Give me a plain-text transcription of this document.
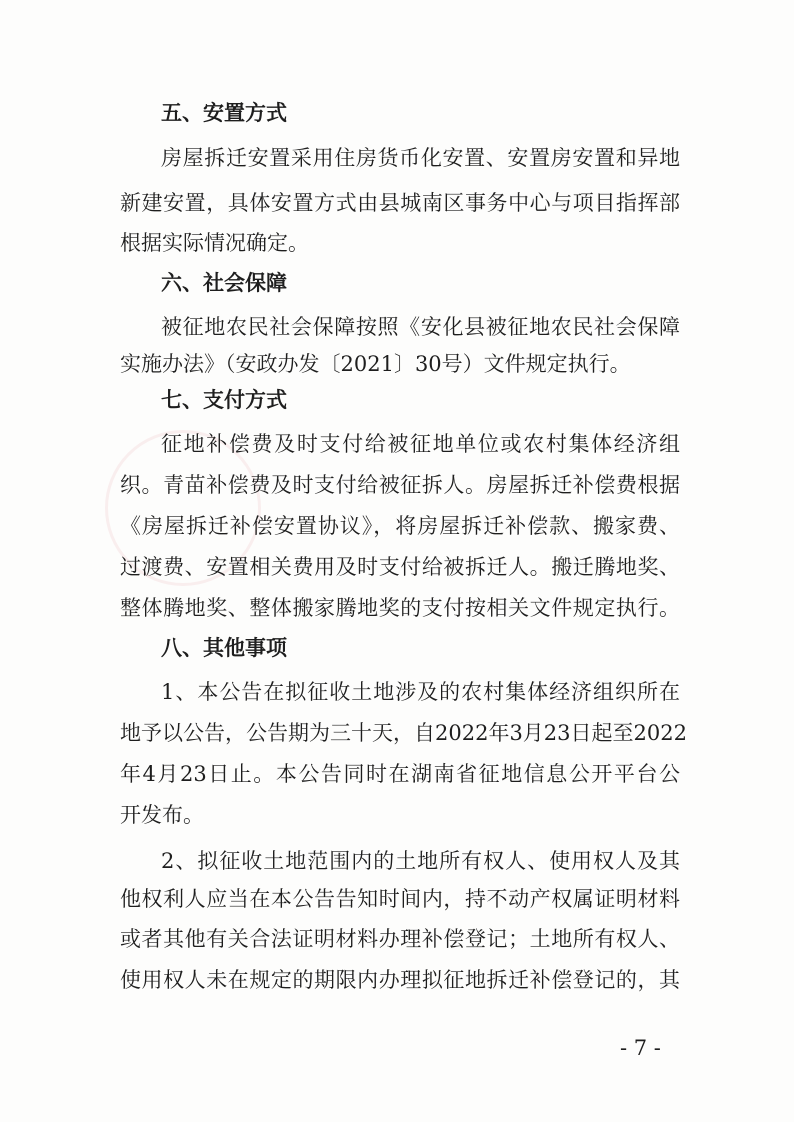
五、安置方式
房屋拆迁安置采用住房货币化安置、安置房安置和异地
新建安置，具体安置方式由县城南区事务中心与项目指挥部
根据实际情况确定。
六、社会保障
被征地农民社会保障按照《安化县被征地农民社会保障
实施办法》（安政办发〔2021〕30号）文件规定执行。
七、支付方式
征地补偿费及时支付给被征地单位或农村集体经济组
织。青苗补偿费及时支付给被征拆人。房屋拆迁补偿费根据
《房屋拆迁补偿安置协议》，将房屋拆迁补偿款、搬家费、
过渡费、安置相关费用及时支付给被拆迁人。搬迁腾地奖、
整体腾地奖、整体搬家腾地奖的支付按相关文件规定执行。
八、其他事项
1、本公告在拟征收土地涉及的农村集体经济组织所在
地予以公告，公告期为三十天，自2022年3月23日起至2022
年4月23日止。本公告同时在湖南省征地信息公开平台公
开发布。
2、拟征收土地范围内的土地所有权人、使用权人及其
他权利人应当在本公告告知时间内，持不动产权属证明材料
或者其他有关合法证明材料办理补偿登记；土地所有权人、
使用权人未在规定的期限内办理拟征地拆迁补偿登记的，其
- 7 -
